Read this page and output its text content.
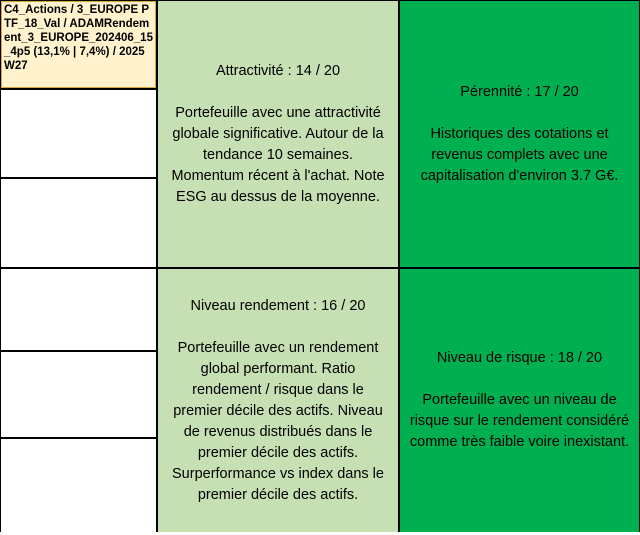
C4_Actions / 3_EUROPE PTF_18_Val / ADAMRendement_3_EUROPE_202406_15_4p5 (13,1% | 7,4%) / 2025W27	Attractivité : 14 / 20

Portefeuille avec une attractivité globale significative. Autour de la tendance 10 semaines. Momentum récent à l'achat. Note ESG au dessus de la moyenne.

Pérennité : 17 / 20

Historiques des cotations et revenus complets avec une capitalisation d'environ 3.7 G€.

Niveau rendement : 16 / 20

Portefeuille avec un rendement global performant. Ratio rendement / risque dans le premier décile des actifs. Niveau de revenus distribués dans le premier décile des actifs. Surperformance vs index dans le premier décile des actifs.

Niveau de risque : 18 / 20

Portefeuille avec un niveau de risque sur le rendement considéré comme très faible voire inexistant.
